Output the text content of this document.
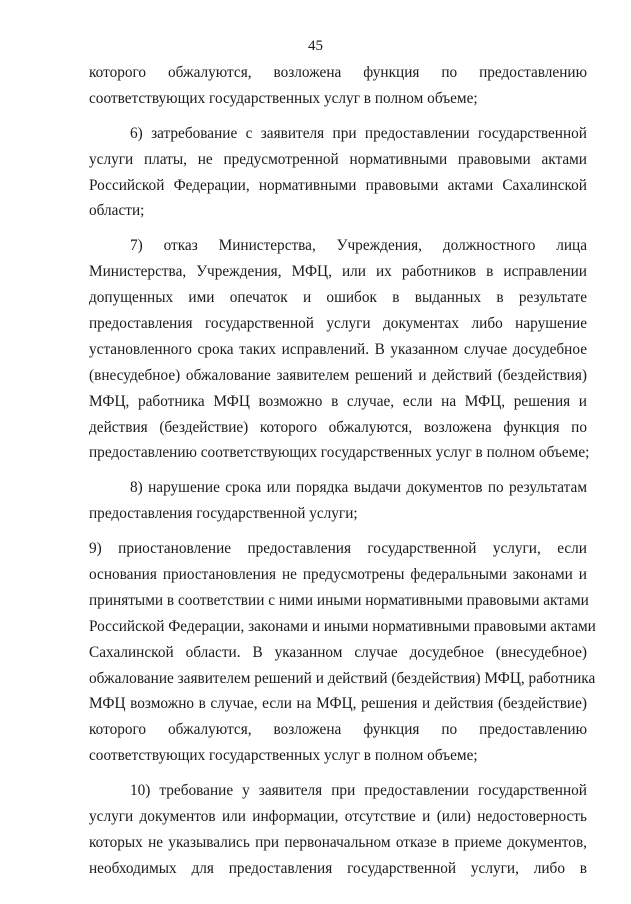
45
которого обжалуются, возложена функция по предоставлению
соответствующих государственных услуг в полном объеме;
6) затребование с заявителя при предоставлении государственной
услуги платы, не предусмотренной нормативными правовыми актами
Российской Федерации, нормативными правовыми актами Сахалинской
области;
7) отказ Министерства, Учреждения, должностного лица
Министерства, Учреждения, МФЦ, или их работников в исправлении
допущенных ими опечаток и ошибок в выданных в результате
предоставления государственной услуги документах либо нарушение
установленного срока таких исправлений. В указанном случае досудебное
(внесудебное) обжалование заявителем решений и действий (бездействия)
МФЦ, работника МФЦ возможно в случае, если на МФЦ, решения и
действия (бездействие) которого обжалуются, возложена функция по
предоставлению соответствующих государственных услуг в полном объеме;
8) нарушение срока или порядка выдачи документов по результатам
предоставления государственной услуги;
9) приостановление предоставления государственной услуги, если
основания приостановления не предусмотрены федеральными законами и
принятыми в соответствии с ними иными нормативными правовыми актами
Российской Федерации, законами и иными нормативными правовыми актами
Сахалинской области. В указанном случае досудебное (внесудебное)
обжалование заявителем решений и действий (бездействия) МФЦ, работника
МФЦ возможно в случае, если на МФЦ, решения и действия (бездействие)
которого обжалуются, возложена функция по предоставлению
соответствующих государственных услуг в полном объеме;
10) требование у заявителя при предоставлении государственной
услуги документов или информации, отсутствие и (или) недостоверность
которых не указывались при первоначальном отказе в приеме документов,
необходимых для предоставления государственной услуги, либо в
